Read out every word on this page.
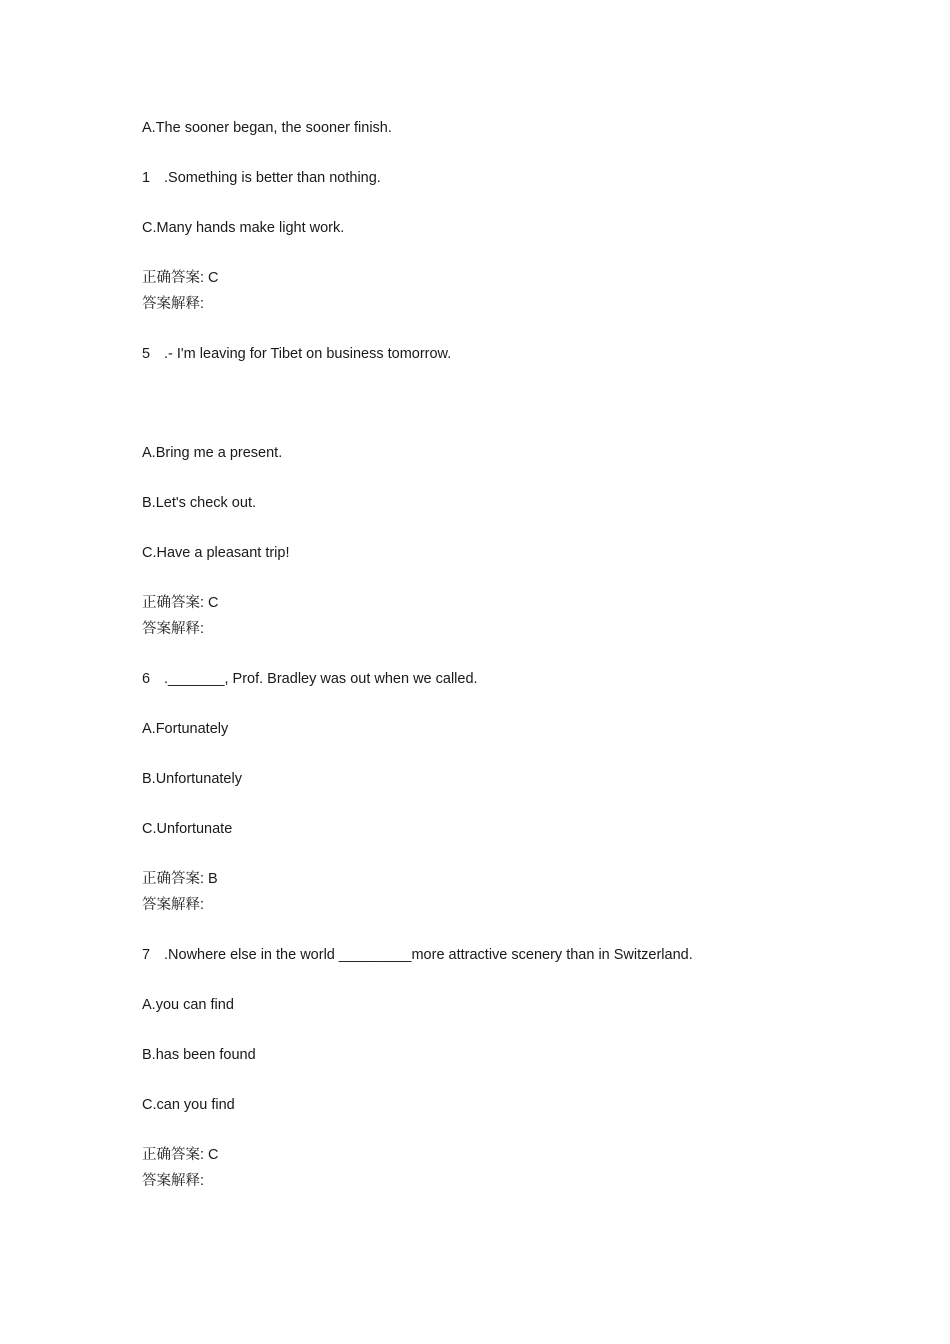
A.The sooner began, the sooner finish.
1 .Something is better than nothing.
C.Many hands make light work.
正确答案: C
答案解释:
5 .- I'm leaving for Tibet on business tomorrow.
A.Bring me a present.
B.Let's check out.
C.Have a pleasant trip!
正确答案: C
答案解释:
6 ._______, Prof. Bradley was out when we called.
A.Fortunately
B.Unfortunately
C.Unfortunate
正确答案: B
答案解释:
7 .Nowhere else in the world _________more attractive scenery than in Switzerland.
A.you can find
B.has been found
C.can you find
正确答案: C
答案解释:
